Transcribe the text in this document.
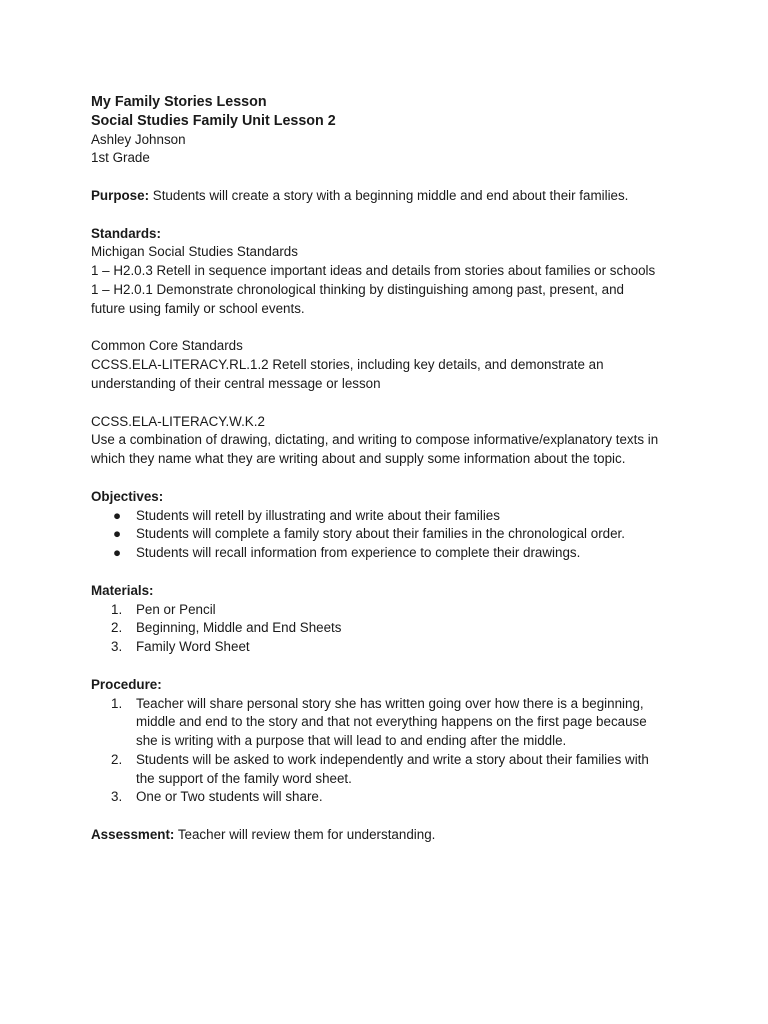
My Family Stories Lesson
Social Studies Family Unit Lesson 2
Ashley Johnson
1st Grade
Purpose: Students will create a story with a beginning middle and end about their families.
Standards:
Michigan Social Studies Standards
1 – H2.0.3 Retell in sequence important ideas and details from stories about families or schools
1 – H2.0.1 Demonstrate chronological thinking by distinguishing among past, present, and
future using family or school events.
Common Core Standards
CCSS.ELA-LITERACY.RL.1.2 Retell stories, including key details, and demonstrate an
understanding of their central message or lesson
CCSS.ELA-LITERACY.W.K.2
Use a combination of drawing, dictating, and writing to compose informative/explanatory texts in
which they name what they are writing about and supply some information about the topic.
Objectives:
● Students will retell by illustrating and write about their families
● Students will complete a family story about their families in the chronological order.
● Students will recall information from experience to complete their drawings.
Materials:
1. Pen or Pencil
2. Beginning, Middle and End Sheets
3. Family Word Sheet
Procedure:
1. Teacher will share personal story she has written going over how there is a beginning,
middle and end to the story and that not everything happens on the first page because
she is writing with a purpose that will lead to and ending after the middle.
2. Students will be asked to work independently and write a story about their families with
the support of the family word sheet.
3. One or Two students will share.
Assessment: Teacher will review them for understanding.
